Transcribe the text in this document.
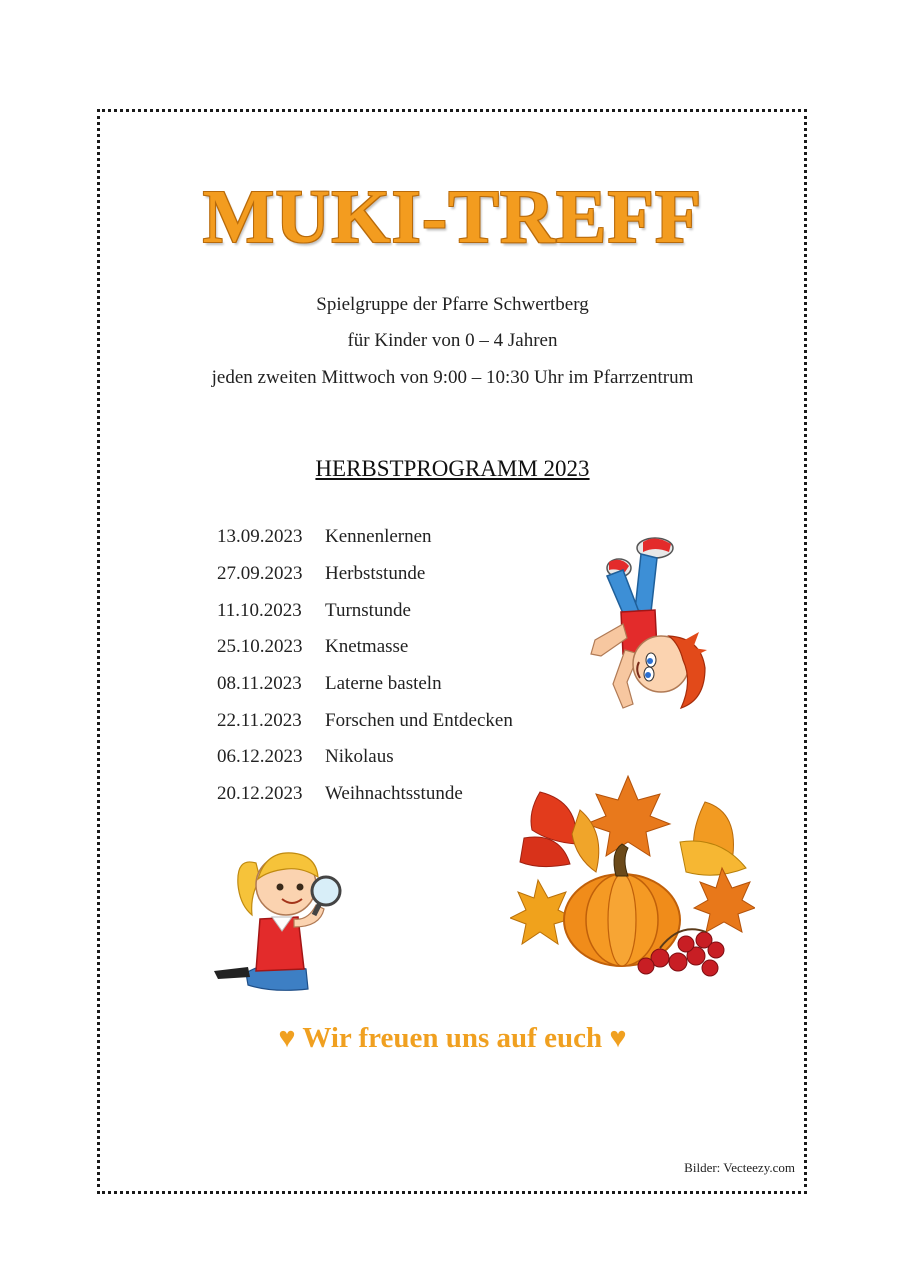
MUKI-TREFF
Spielgruppe der Pfarre Schwertberg
für Kinder von 0 – 4 Jahren
jeden zweiten Mittwoch von 9:00 – 10:30 Uhr im Pfarrzentrum
HERBSTPROGRAMM 2023
13.09.2023	Kennenlernen
27.09.2023	Herbststunde
11.10.2023	Turnstunde
25.10.2023	Knetmasse
08.11.2023	Laterne basteln
22.11.2023	Forschen und Entdecken
06.12.2023	Nikolaus
20.12.2023	Weihnachtsstunde
♥ Wir freuen uns auf euch ♥
Bilder: Vecteezy.com
